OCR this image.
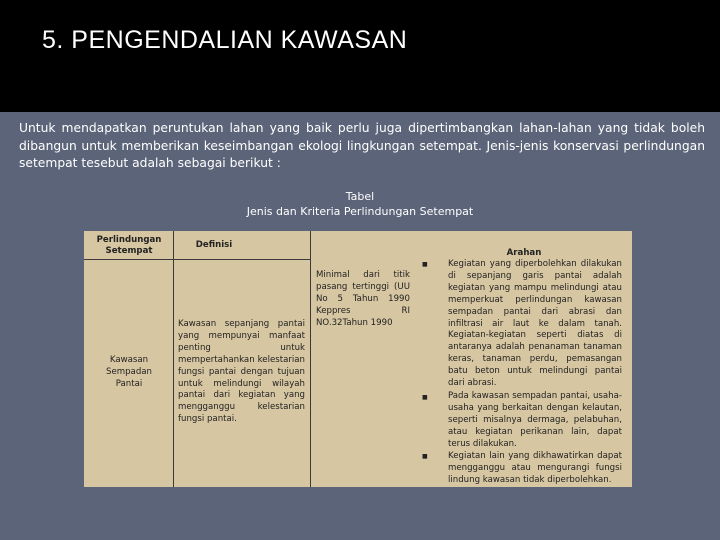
5. PENGENDALIAN KAWASAN
Untuk mendapatkan peruntukan lahan yang baik perlu juga dipertimbangkan lahan-lahan yang tidak boleh dibangun untuk memberikan keseimbangan ekologi lingkungan setempat. Jenis-jenis konservasi perlindungan setempat tesebut adalah sebagai berikut :
Tabel
Jenis dan Kriteria Perlindungan Setempat
Perlindungan Setempat
Definisi
Arahan
Kawasan Sempadan Pantai
Kawasan sepanjang pantai yang mempunyai manfaat penting untuk mempertahankan kelestarian fungsi pantai dengan tujuan untuk melindungi wilayah pantai dari kegiatan yang mengganggu kelestarian fungsi pantai.
Minimal dari titik pasang tertinggi (UU No 5 Tahun 1990 Keppres RI NO.32Tahun 1990
■ Kegiatan yang diperbolehkan dilakukan di sepanjang garis pantai adalah kegiatan yang mampu melindungi atau memperkuat perlindungan kawasan sempadan pantai dari abrasi dan infiltrasi air laut ke dalam tanah. Kegiatan-kegiatan seperti diatas di antaranya adalah penanaman tanaman keras, tanaman perdu, pemasangan batu beton untuk melindungi pantai dari abrasi.
■ Pada kawasan sempadan pantai, usaha-usaha yang berkaitan dengan kelautan, seperti misalnya dermaga, pelabuhan, atau kegiatan perikanan lain, dapat terus dilakukan.
■ Kegiatan lain yang dikhawatirkan dapat mengganggu atau mengurangi fungsi lindung kawasan tidak diperbolehkan.
